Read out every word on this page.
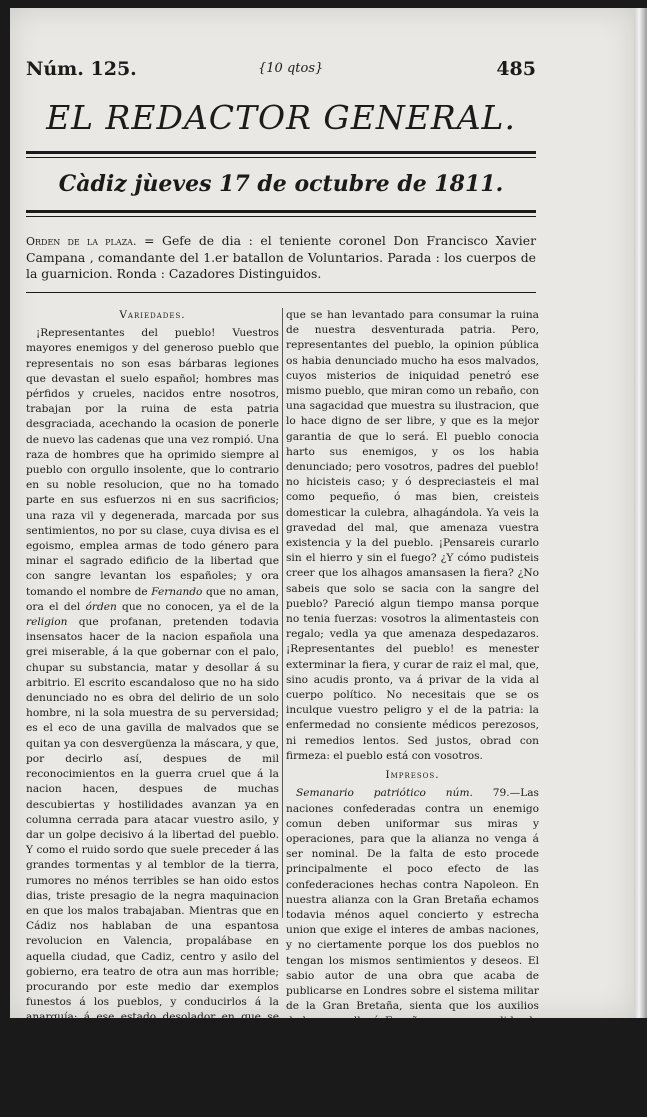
Núm. 125.	{10 qtos}	485
EL REDACTOR GENERAL.
Càdiz jùeves 17 de octubre de 1811.
Orden de la plaza. = Gefe de dia : el teniente coronel Don Francisco Xavier Campana , comandante del 1.er batallon de Voluntarios. Parada : los cuerpos de la guarnicion. Ronda : Cazadores Distinguidos.
Variedades.

¡Representantes del pueblo! Vuestros mayores enemigos y del generoso pueblo que representais no son esas bárbaras legiones que devastan el suelo español; hombres mas pérfidos y crueles, nacidos entre nosotros, trabajan por la ruina de esta patria desgraciada, acechando la ocasion de ponerle de nuevo las cadenas que una vez rompió. Una raza de hombres que ha oprimido siempre al pueblo con orgullo insolente, que lo contrario en su noble resolucion, que no ha tomado parte en sus esfuerzos ni en sus sacrificios; una raza vil y degenerada, marcada por sus sentimientos, no por su clase, cuya divisa es el egoismo, emplea armas de todo género para minar el sagrado edificio de la libertad que con sangre levantan los españoles; y ora tomando el nombre de Fernando que no aman, ora el del órden que no conocen, ya el de la religion que profanan, pretenden todavia insensatos hacer de la nacion española una grei miserable, á la que gobernar con el palo, chupar su substancia, matar y desollar á su arbitrio. El escrito escandaloso que no ha sido denunciado no es obra del delirio de un solo hombre, ni la sola muestra de su perversidad; es el eco de una gavilla de malvados que se quitan ya con desvergüenza la máscara, y que, por decirlo así, despues de mil reconocimientos en la guerra cruel que á la nacion hacen, despues de muchas descubiertas y hostilidades avanzan ya en columna cerrada para atacar vuestro asilo, y dar un golpe decisivo á la libertad del pueblo. Y como el ruido sordo que suele preceder á las grandes tormentas y al temblor de la tierra, rumores no ménos terribles se han oido estos dias, triste presagio de la negra maquinacion en que los malos trabajaban. Mientras que en Cádiz nos hablaban de una espantosa revolucion en Valencia, propalábase en aquella ciudad, que Cadiz, centro y asilo del gobierno, era teatro de otra aun mas horrible; procurando por este medio dar exemplos funestos á los pueblos, y conducirlos á la anarquía; á ese estado desolador en que se rompen todos los vinculos de la sociedad, y que por entre la sangre de los ciudadanos lleva siempre á la tiranía. No, no concibieron jamas los franceses planes tan atroces contra nosotros, como esos hombres indignos del nombre español,

que se han levantado para consumar la ruina de nuestra desventurada patria. Pero, representantes del pueblo, la opinion pública os habia denunciado mucho ha esos malvados, cuyos misterios de iniquidad penetró ese mismo pueblo, que miran como un rebaño, con una sagacidad que muestra su ilustracion, que lo hace digno de ser libre, y que es la mejor garantia de que lo será. El pueblo conocia harto sus enemigos, y os los habia denunciado; pero vosotros, padres del pueblo! no hicisteis caso; y ó despreciasteis el mal como pequeño, ó mas bien, creisteis domesticar la culebra, alhagándola. Ya veis la gravedad del mal, que amenaza vuestra existencia y la del pueblo. ¡Pensareis curarlo sin el hierro y sin el fuego? ¿Y cómo pudisteis creer que los alhagos amansasen la fiera? ¿No sabeis que solo se sacia con la sangre del pueblo? Pareció algun tiempo mansa porque no tenia fuerzas: vosotros la alimentasteis con regalo; vedla ya que amenaza despedazaros. ¡Representantes del pueblo! es menester exterminar la fiera, y curar de raiz el mal, que, sino acudis pronto, va á privar de la vida al cuerpo político. No necesitais que se os inculque vuestro peligro y el de la patria: la enfermedad no consiente médicos perezosos, ni remedios lentos. Sed justos, obrad con firmeza: el pueblo está con vosotros.

Impresos.

Semanario patriótico núm. 79.—Las naciones confederadas contra un enemigo comun deben uniformar sus miras y operaciones, para que la alianza no venga á ser nominal. De la falta de esto procede principalmente el poco efecto de las confederaciones hechas contra Napoleon. En nuestra alianza con la Gran Bretaña echamos todavia ménos aquel concierto y estrecha union que exige el interes de ambas naciones, y no ciertamente porque los dos pueblos no tengan los mismos sentimientos y deseos. El sabio autor de una obra que acaba de publicarse en Londres sobre el sistema militar de la Gran Bretaña, sienta que los auxilios dados por ella á España son una medida de necesidad y conservacion, no un acto de mera generosidad; expresa las ventajas que ofrece á aquella nacion el suelo español para hacer la guerra, y el amor de sus naturales á los ingleses, y su odio in-
